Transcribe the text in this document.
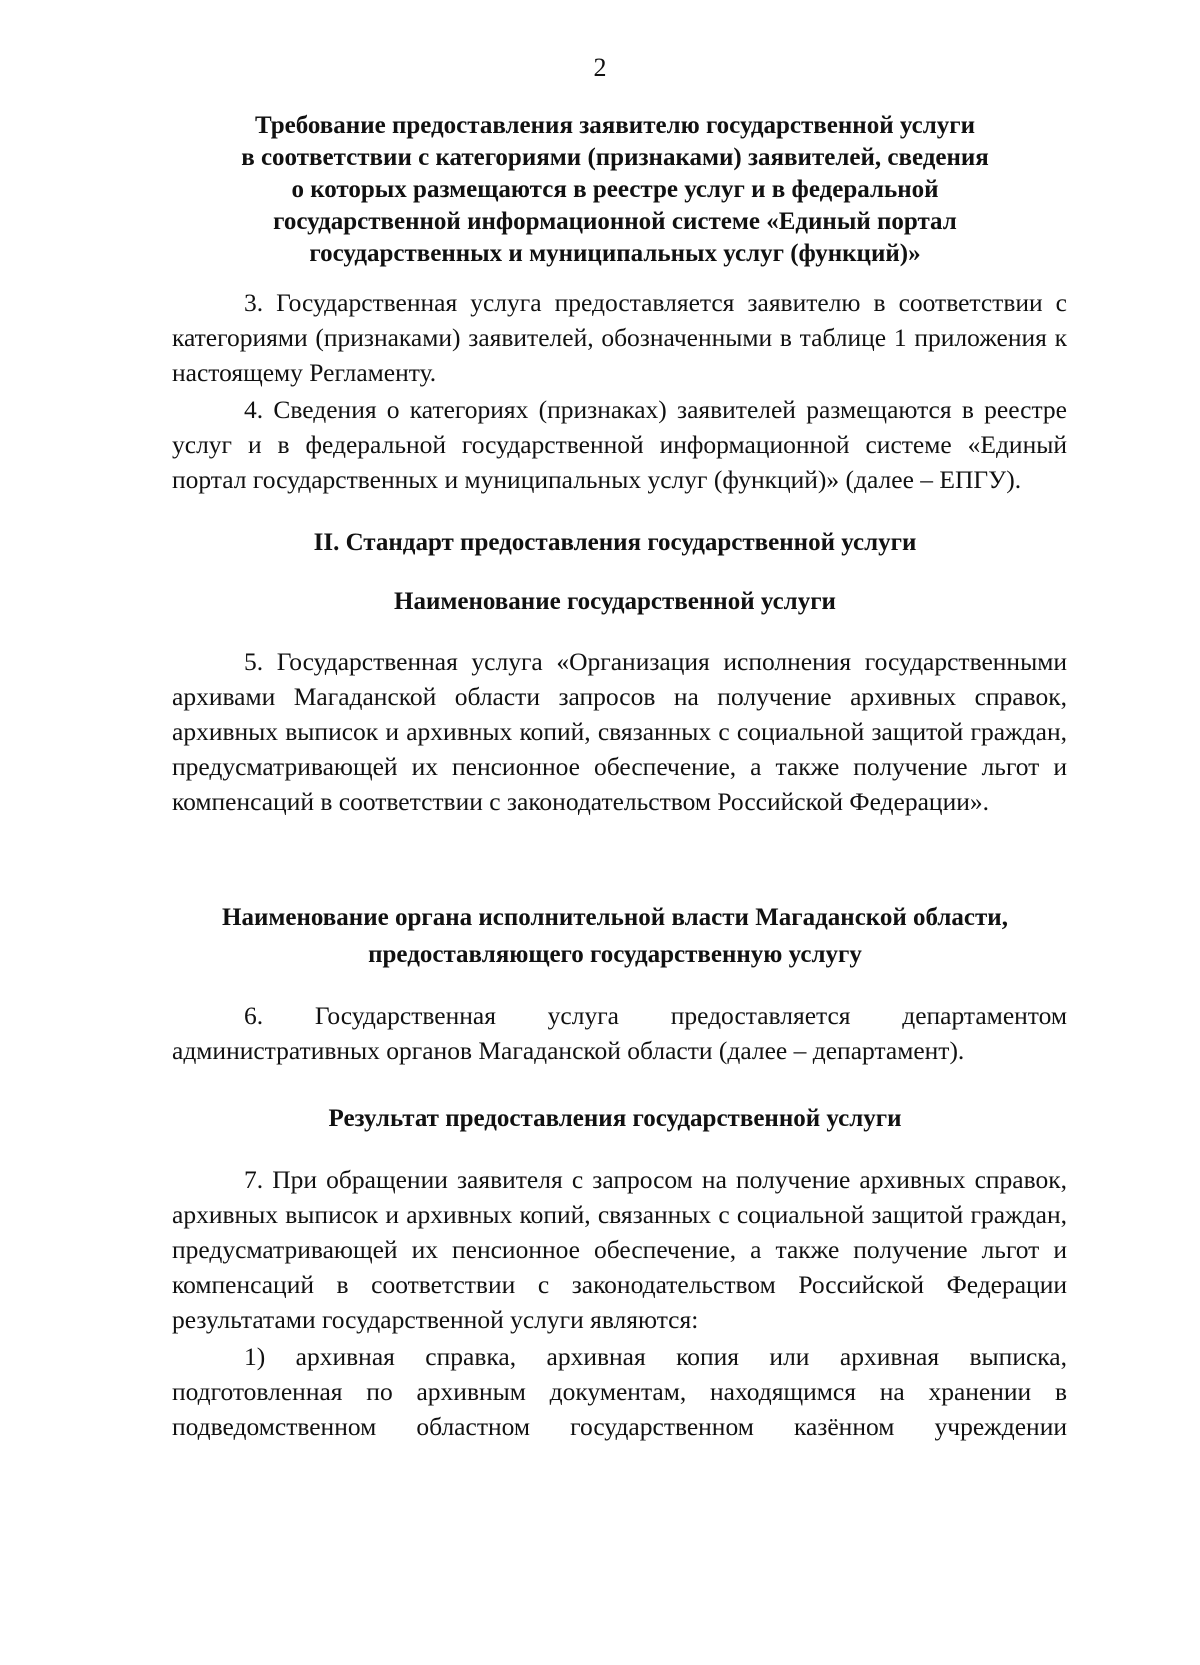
2
Требование предоставления заявителю государственной услуги
в соответствии с категориями (признаками) заявителей, сведения
о которых размещаются в реестре услуг и в федеральной
государственной информационной системе «Единый портал
государственных и муниципальных услуг (функций)»

3. Государственная услуга предоставляется заявителю в соответствии с категориями (признаками) заявителей, обозначенными в таблице 1 приложения к настоящему Регламенту.

4. Сведения о категориях (признаках) заявителей размещаются в реестре услуг и в федеральной государственной информационной системе «Единый портал государственных и муниципальных услуг (функций)» (далее – ЕПГУ).

II. Стандарт предоставления государственной услуги
Наименование государственной услуги

5. Государственная услуга «Организация исполнения государственными архивами Магаданской области запросов на получение архивных справок, архивных выписок и архивных копий, связанных с социальной защитой граждан, предусматривающей их пенсионное обеспечение, а также получение льгот и компенсаций в соответствии с законодательством Российской Федерации».

Наименование органа исполнительной власти Магаданской области,
предоставляющего государственную услугу

6. Государственная услуга предоставляется департаментом административных органов Магаданской области (далее – департамент).

Результат предоставления государственной услуги

7. При обращении заявителя с запросом на получение архивных справок, архивных выписок и архивных копий, связанных с социальной защитой граждан, предусматривающей их пенсионное обеспечение, а также получение льгот и компенсаций в соответствии с законодательством Российской Федерации результатами государственной услуги являются:

1) архивная справка, архивная копия или архивная выписка, подготовленная по архивным документам, находящимся на хранении в подведомственном областном государственном казённом учреждении
